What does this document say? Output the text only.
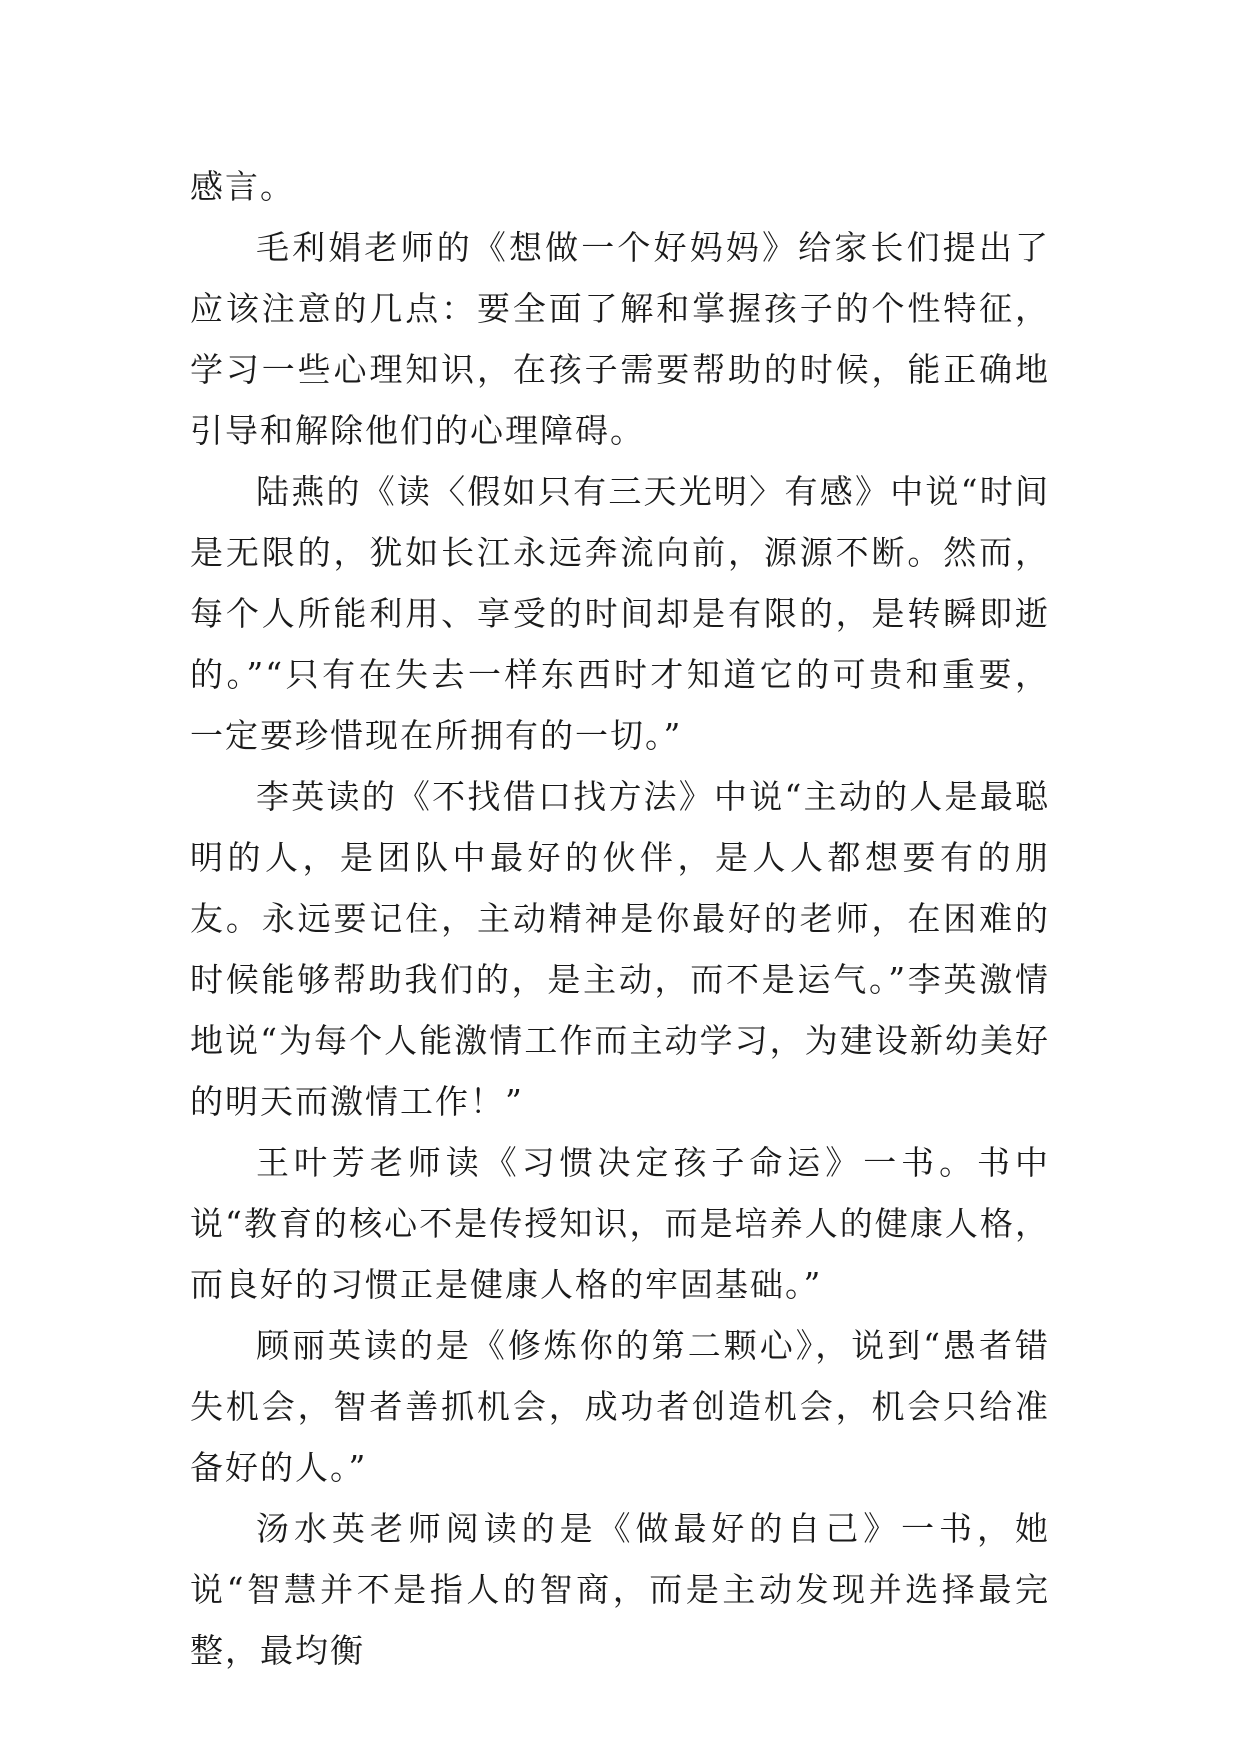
感言。

毛利娟老师的《想做一个好妈妈》给家长们提出了应该注意的几点：要全面了解和掌握孩子的个性特征，学习一些心理知识，在孩子需要帮助的时候，能正确地引导和解除他们的心理障碍。

陆燕的《读〈假如只有三天光明〉有感》中说“时间是无限的，犹如长江永远奔流向前，源源不断。然而，每个人所能利用、享受的时间却是有限的，是转瞬即逝的。”“只有在失去一样东西时才知道它的可贵和重要，一定要珍惜现在所拥有的一切。”

李英读的《不找借口找方法》中说“主动的人是最聪明的人，是团队中最好的伙伴，是人人都想要有的朋友。永远要记住，主动精神是你最好的老师，在困难的时候能够帮助我们的，是主动，而不是运气。”李英激情地说“为每个人能激情工作而主动学习，为建设新幼美好的明天而激情工作！”

王叶芳老师读《习惯决定孩子命运》一书。书中说“教育的核心不是传授知识，而是培养人的健康人格，而良好的习惯正是健康人格的牢固基础。”

顾丽英读的是《修炼你的第二颗心》，说到“愚者错失机会，智者善抓机会，成功者创造机会，机会只给准备好的人。”

汤水英老师阅读的是《做最好的自己》一书，她说“智慧并不是指人的智商，而是主动发现并选择最完整，最均衡
